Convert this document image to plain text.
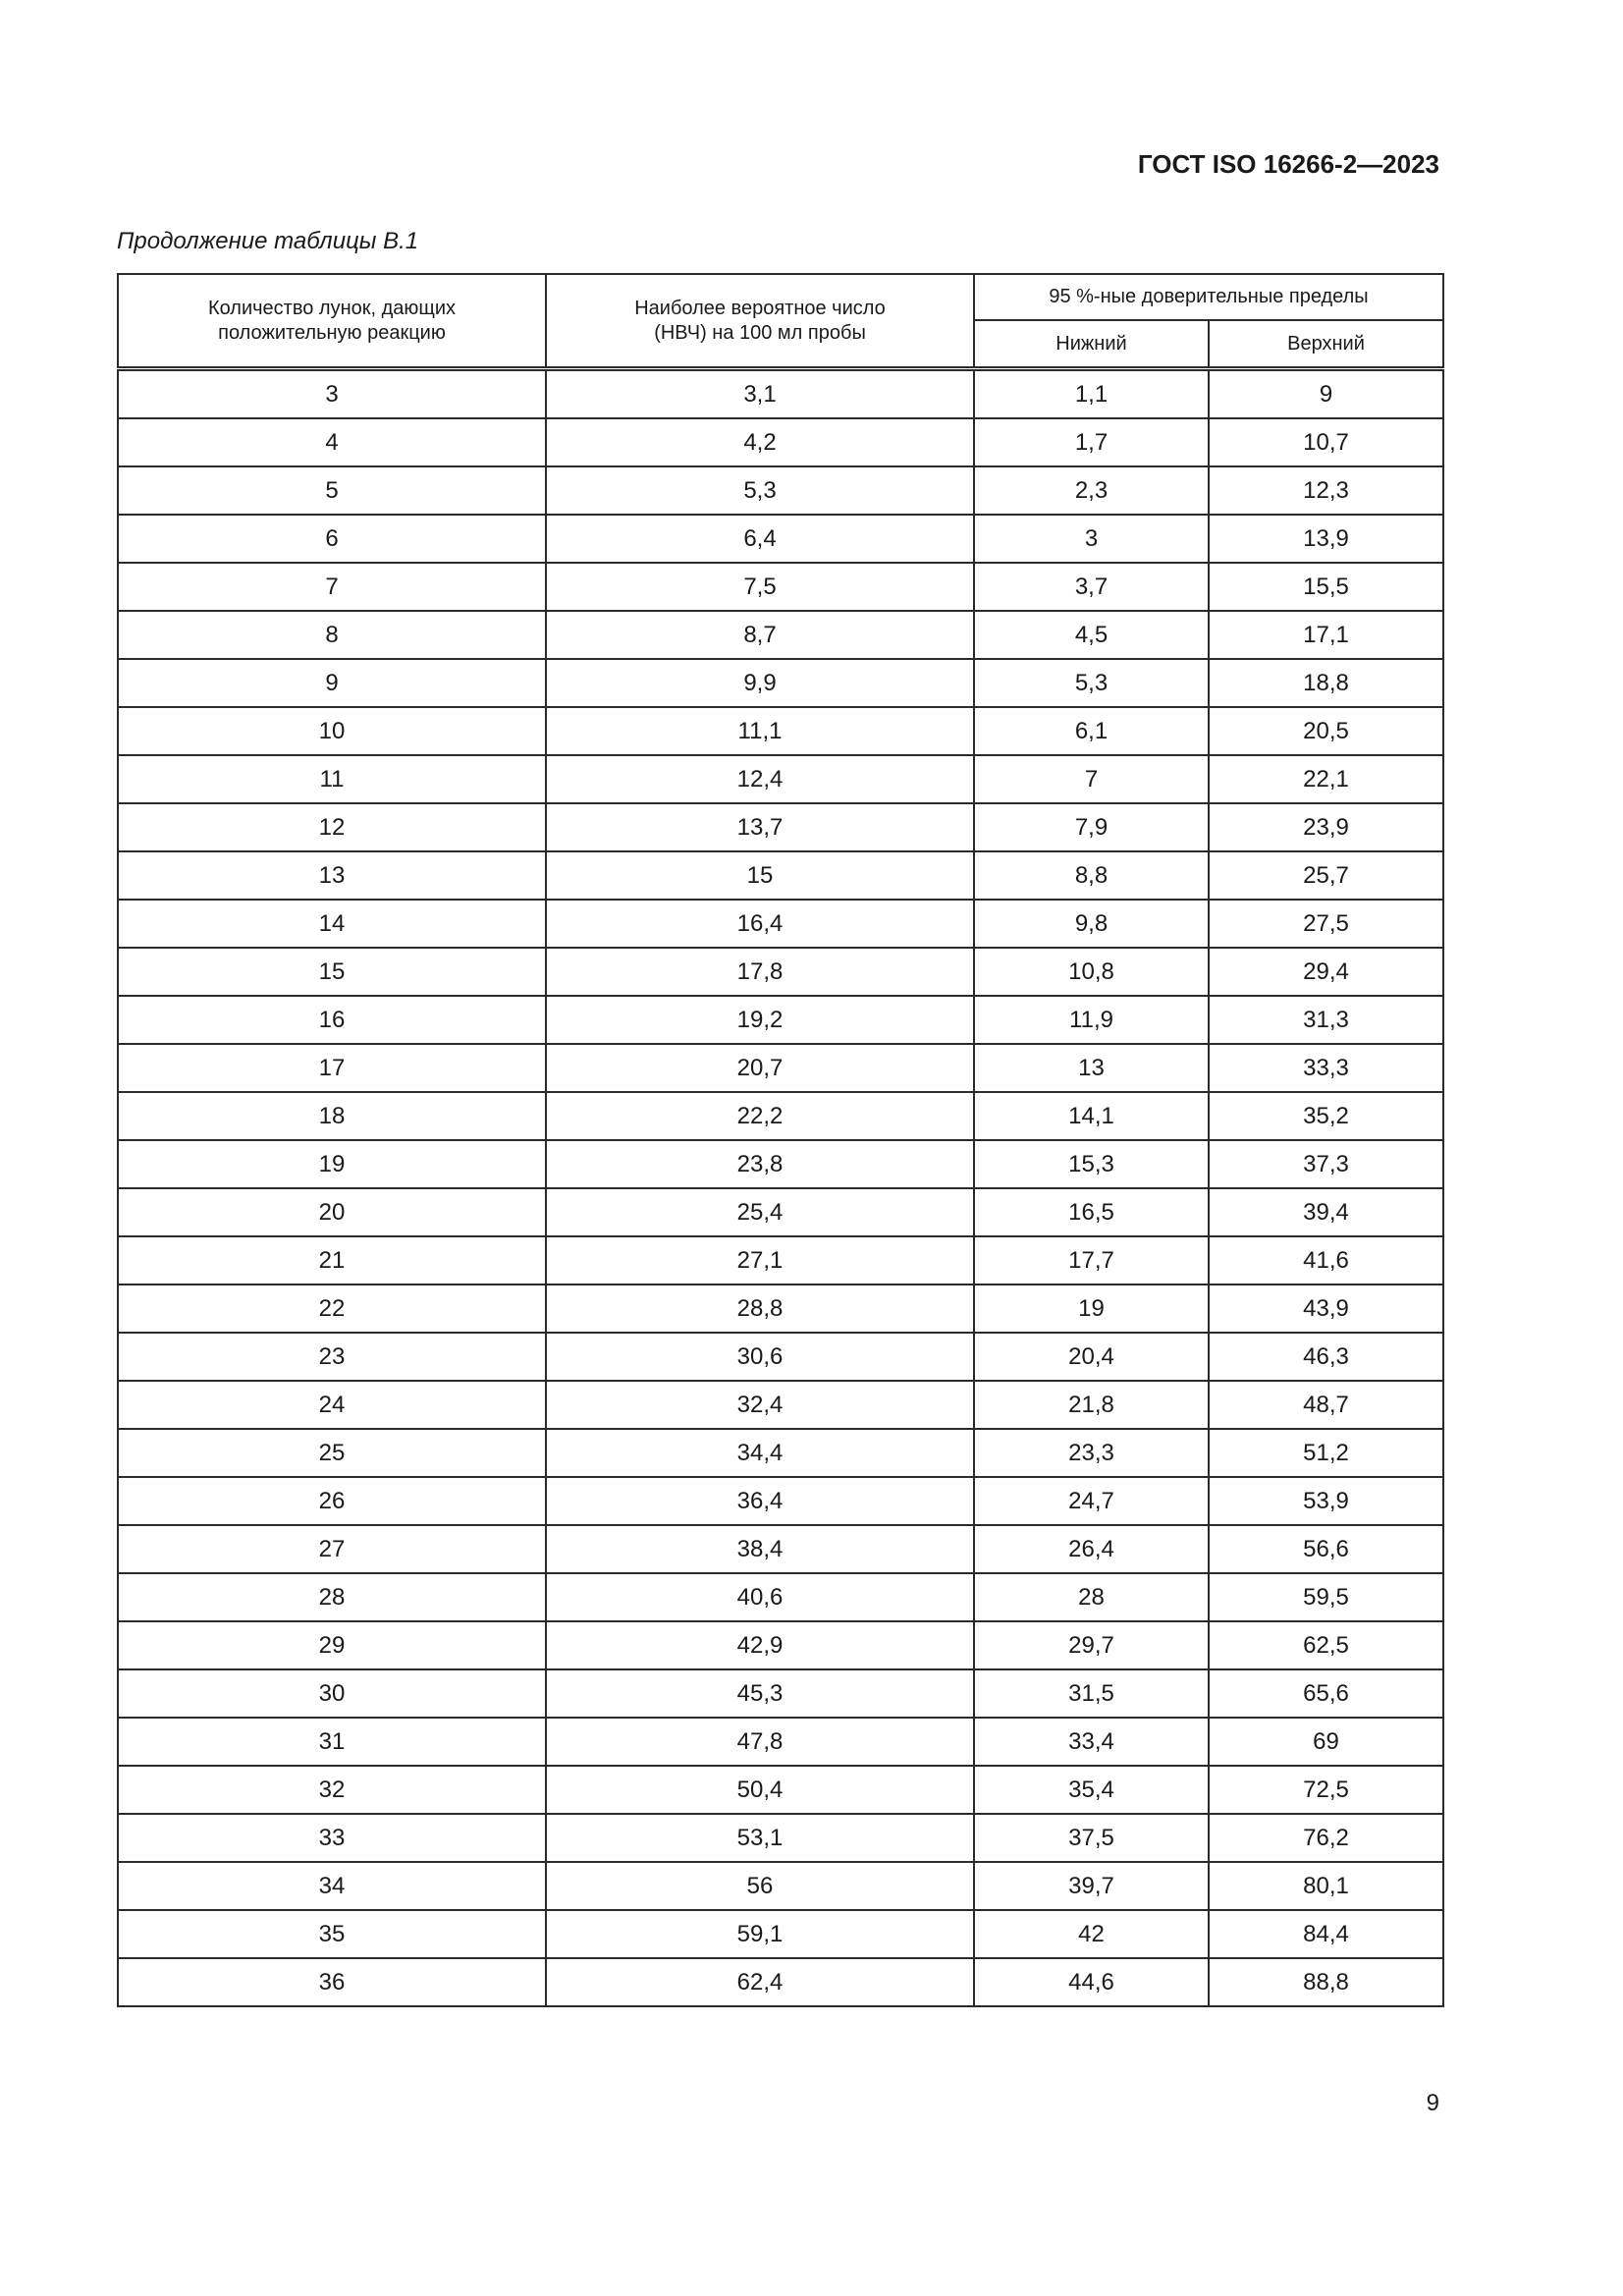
ГОСТ ISO 16266-2—2023

Продолжение таблицы В.1

Количество лунок, дающих положительную реакцию	Наиболее вероятное число (НВЧ) на 100 мл пробы	95 %-ные доверительные пределы	
		Нижний	Верхний
3	3,1	1,1	9
4	4,2	1,7	10,7
5	5,3	2,3	12,3
6	6,4	3	13,9
7	7,5	3,7	15,5
8	8,7	4,5	17,1
9	9,9	5,3	18,8
10	11,1	6,1	20,5
11	12,4	7	22,1
12	13,7	7,9	23,9
13	15	8,8	25,7
14	16,4	9,8	27,5
15	17,8	10,8	29,4
16	19,2	11,9	31,3
17	20,7	13	33,3
18	22,2	14,1	35,2
19	23,8	15,3	37,3
20	25,4	16,5	39,4
21	27,1	17,7	41,6
22	28,8	19	43,9
23	30,6	20,4	46,3
24	32,4	21,8	48,7
25	34,4	23,3	51,2
26	36,4	24,7	53,9
27	38,4	26,4	56,6
28	40,6	28	59,5
29	42,9	29,7	62,5
30	45,3	31,5	65,6
31	47,8	33,4	69
32	50,4	35,4	72,5
33	53,1	37,5	76,2
34	56	39,7	80,1
35	59,1	42	84,4
36	62,4	44,6	88,8

9
